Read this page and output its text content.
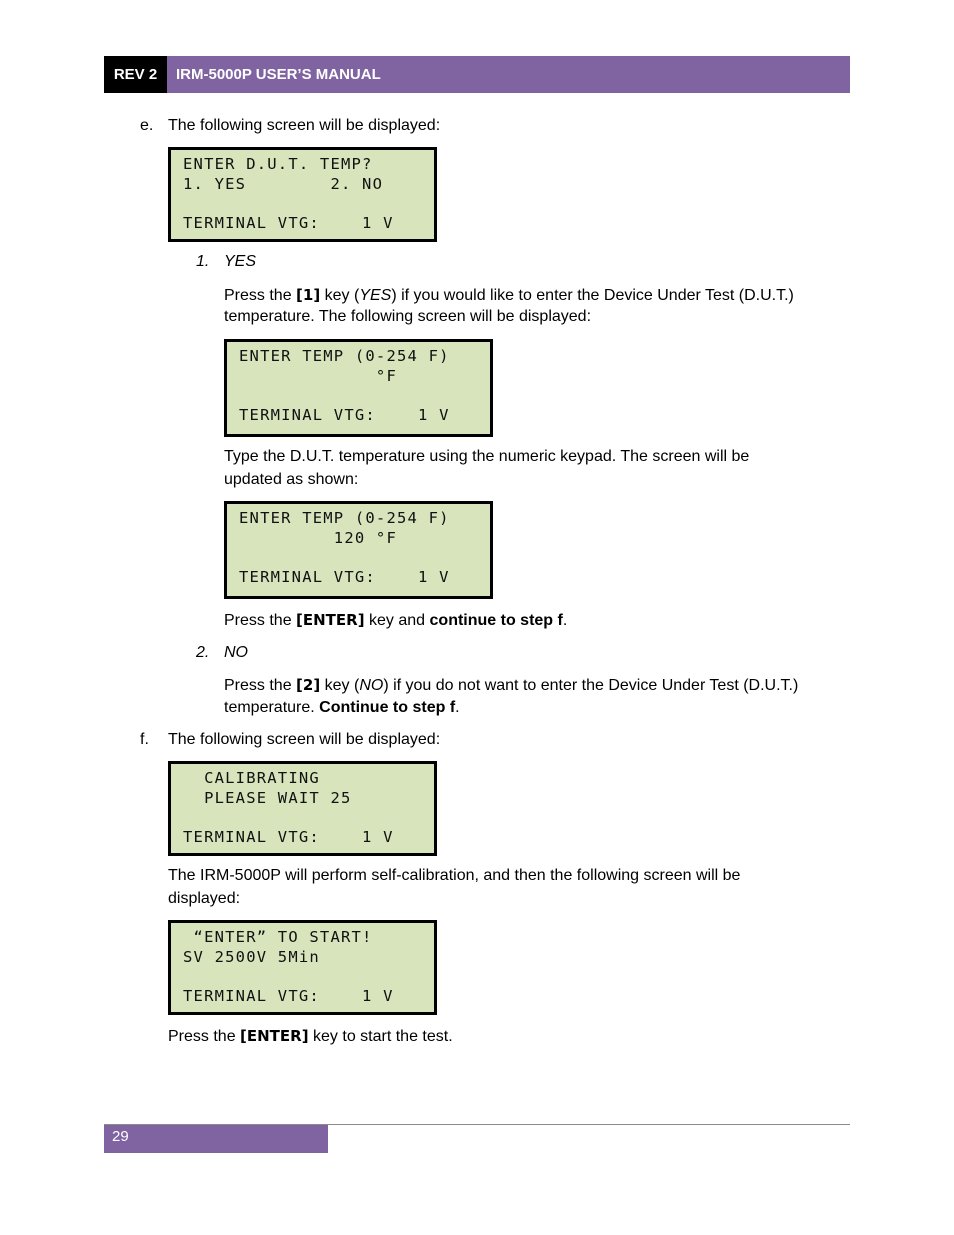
REV 2	IRM-5000P USER’S MANUAL
e. The following screen will be displayed:
ENTER D.U.T. TEMP?
1. YES        2. NO
TERMINAL VTG:    1 V
1. YES
Press the [1] key (YES) if you would like to enter the Device Under Test (D.U.T.)
temperature. The following screen will be displayed:
ENTER TEMP (0-254 F)
°F
TERMINAL VTG:    1 V
Type the D.U.T. temperature using the numeric keypad. The screen will be
updated as shown:
ENTER TEMP (0-254 F)
120 °F
TERMINAL VTG:    1 V
Press the [ENTER] key and continue to step f.
2. NO
Press the [2] key (NO) if you do not want to enter the Device Under Test (D.U.T.)
temperature. Continue to step f.
f. The following screen will be displayed:
CALIBRATING
PLEASE WAIT 25
TERMINAL VTG:    1 V
The IRM-5000P will perform self-calibration, and then the following screen will be
displayed:
“ENTER” TO START!
SV 2500V 5Min
TERMINAL VTG:    1 V
Press the [ENTER] key to start the test.
29
